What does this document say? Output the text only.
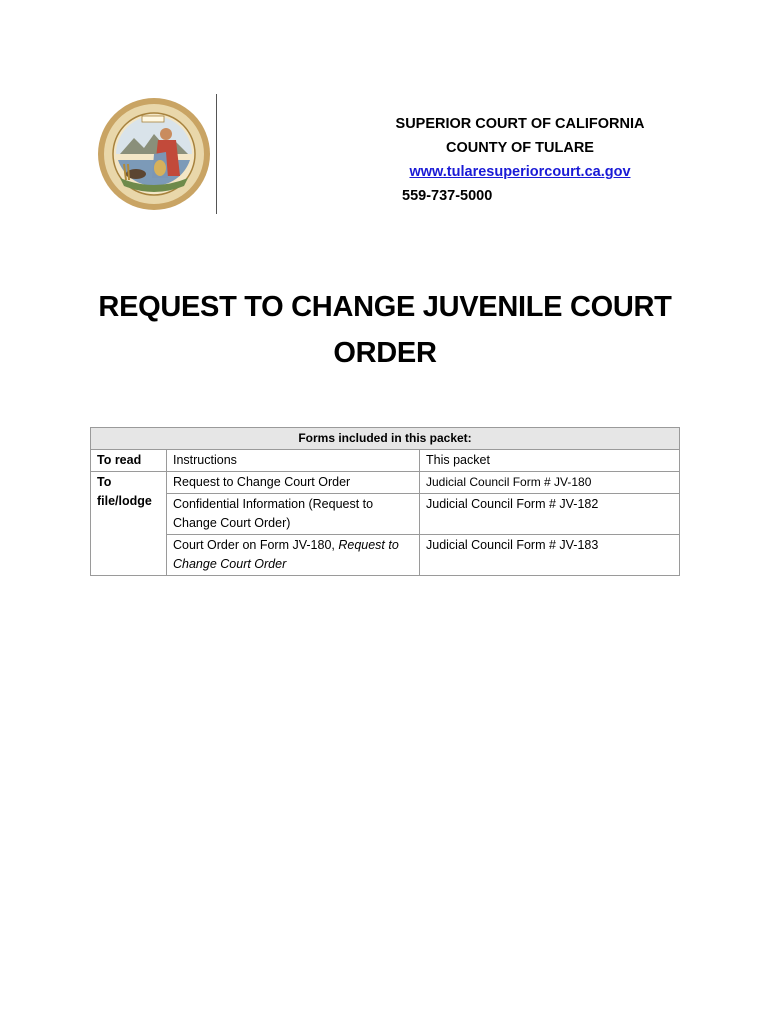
SUPERIOR COURT OF CALIFORNIA
COUNTY OF TULARE
www.tularesuperiorcourt.ca.gov
559-737-5000
REQUEST TO CHANGE JUVENILE COURT
ORDER
Forms included in this packet:		
To read	Instructions	This packet
To
file/lodge	Request to Change Court Order	Judicial Council Form # JV-180
	Confidential Information (Request to Change Court Order)	Judicial Council Form # JV-182
	Court Order on Form JV-180, Request to Change Court Order	Judicial Council Form # JV-183
